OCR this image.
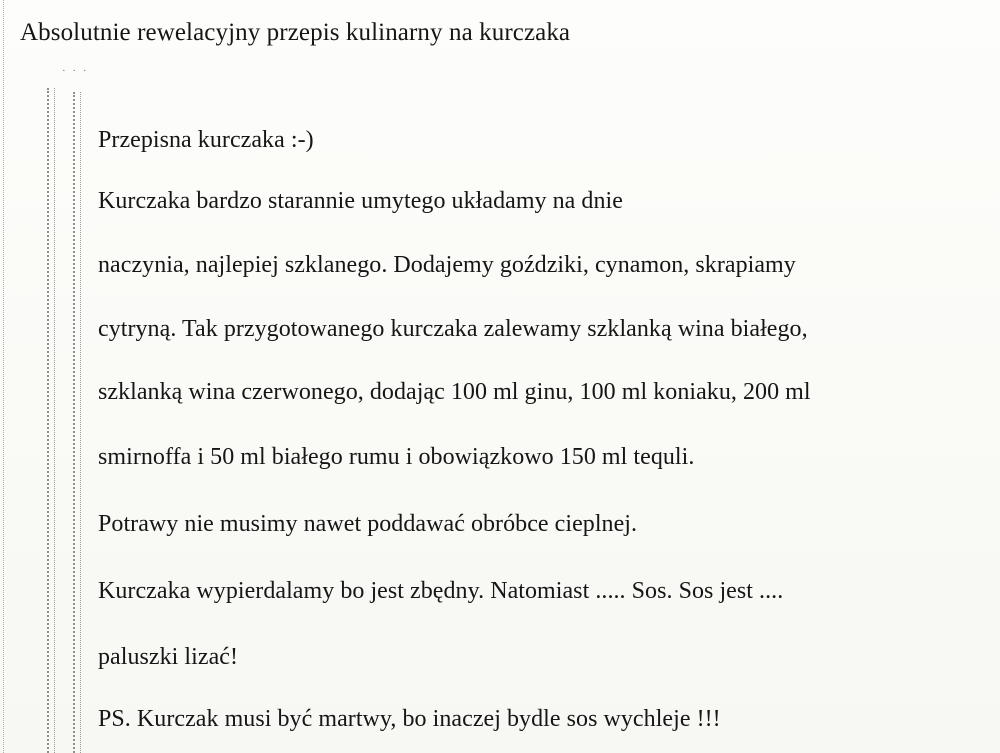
Absolutnie rewelacyjny przepis kulinarny na kurczaka
· · ·
Przepisna kurczaka :-)
Kurczaka bardzo starannie umytego układamy na dnie
naczynia, najlepiej szklanego. Dodajemy goździki, cynamon, skrapiamy
cytryną. Tak przygotowanego kurczaka zalewamy szklanką wina białego,
szklanką wina czerwonego, dodając 100 ml ginu, 100 ml koniaku, 200 ml
smirnoffa i 50 ml białego rumu i obowiązkowo 150 ml tequli.
Potrawy nie musimy nawet poddawać obróbce cieplnej.
Kurczaka wypierdalamy bo jest zbędny. Natomiast ..... Sos. Sos jest ....
paluszki lizać!
PS. Kurczak musi być martwy, bo inaczej bydle sos wychleje !!!
